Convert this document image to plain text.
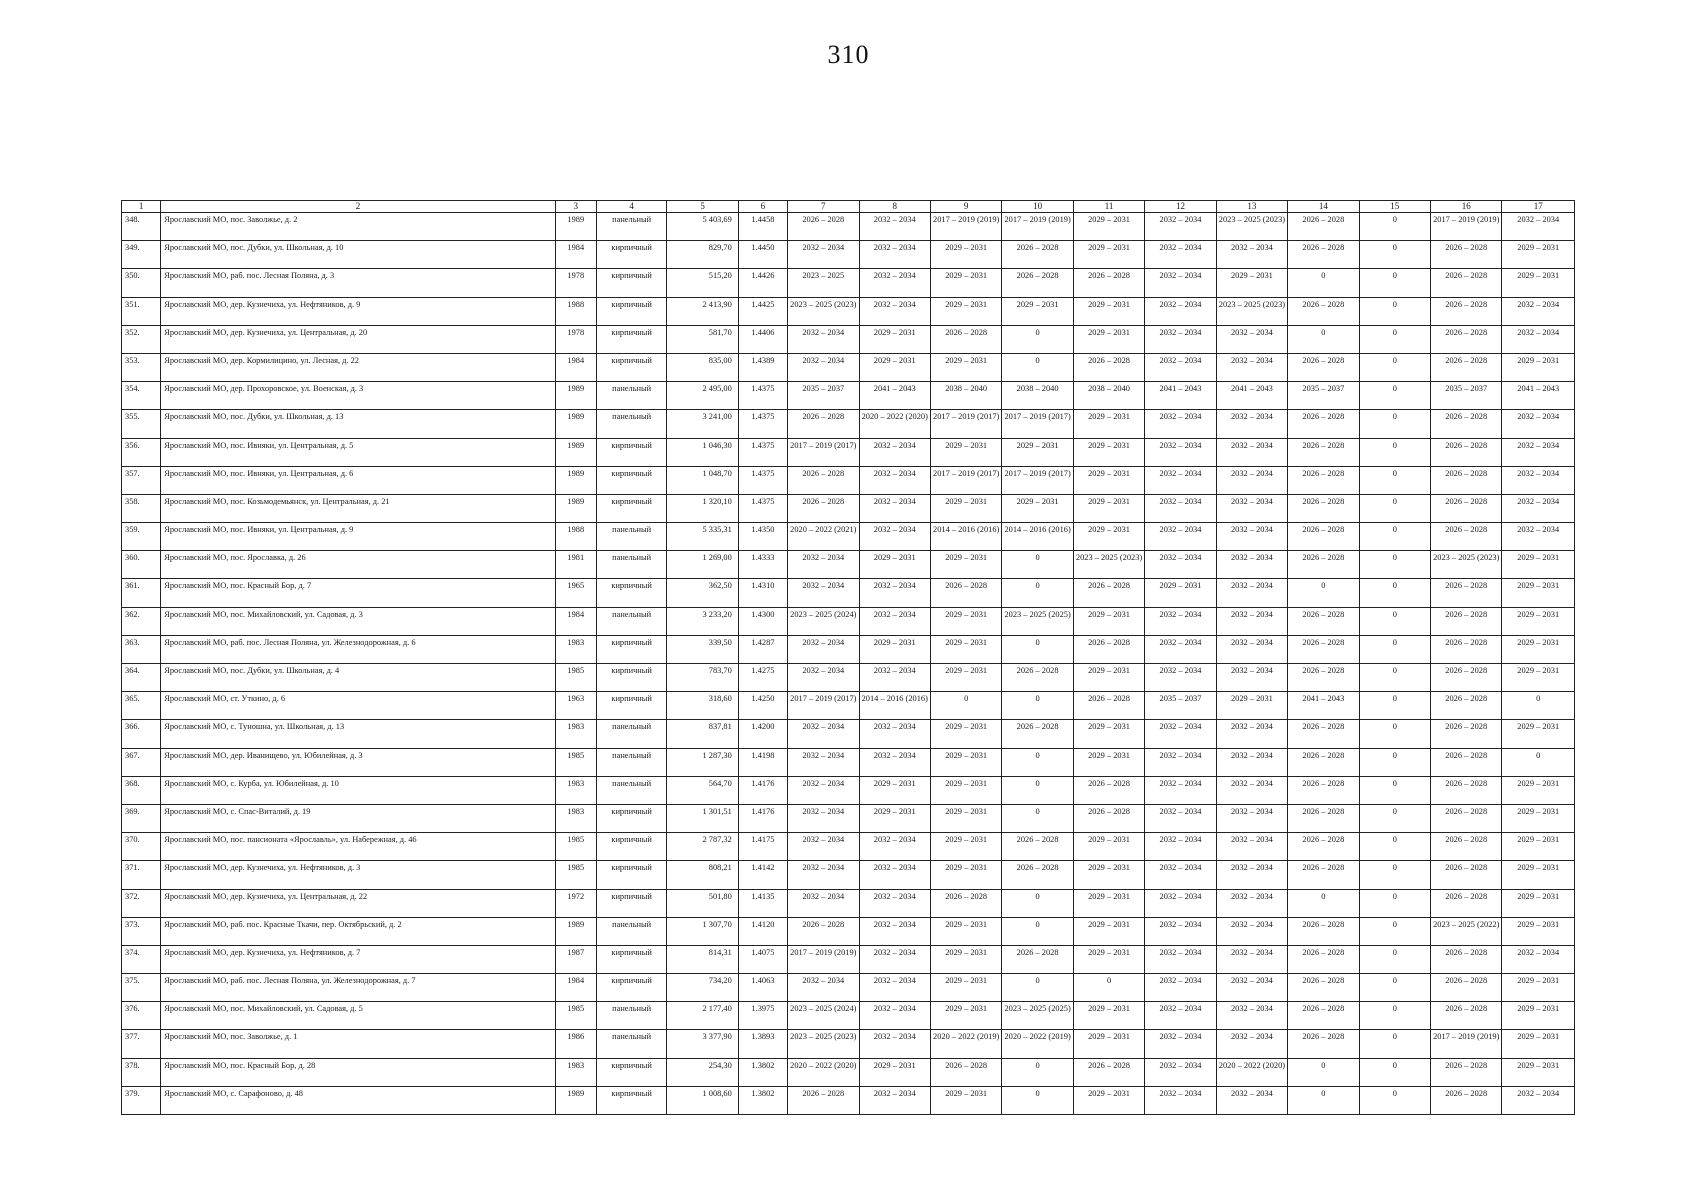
310
1	2	3	4	5	6	7	8	9	10	11	12	13	14	15	16	17
348.	Ярославский МО, пос. Заволжье, д. 2	1989	панельный	5 403,69	1.4458	2026 – 2028	2032 – 2034	2017 – 2019 (2019)	2017 – 2019 (2019)	2029 – 2031	2032 – 2034	2023 – 2025 (2023)	2026 – 2028	0	2017 – 2019 (2019)	2032 – 2034
349.	Ярославский МО, пос. Дубки, ул. Школьная, д. 10	1984	кирпичный	829,70	1.4450	2032 – 2034	2032 – 2034	2029 – 2031	2026 – 2028	2029 – 2031	2032 – 2034	2032 – 2034	2026 – 2028	0	2026 – 2028	2029 – 2031
350.	Ярославский МО, раб. пос. Лесная Поляна, д. 3	1978	кирпичный	515,20	1.4426	2023 – 2025	2032 – 2034	2029 – 2031	2026 – 2028	2026 – 2028	2032 – 2034	2029 – 2031	0	0	2026 – 2028	2029 – 2031
351.	Ярославский МО, дер. Кузнечиха, ул. Нефтяников, д. 9	1988	кирпичный	2 413,90	1.4425	2023 – 2025 (2023)	2032 – 2034	2029 – 2031	2029 – 2031	2029 – 2031	2032 – 2034	2023 – 2025 (2023)	2026 – 2028	0	2026 – 2028	2032 – 2034
352.	Ярославский МО, дер. Кузнечиха, ул. Центральная, д. 20	1978	кирпичный	581,70	1.4406	2032 – 2034	2029 – 2031	2026 – 2028	0	2029 – 2031	2032 – 2034	2032 – 2034	0	0	2026 – 2028	2032 – 2034
353.	Ярославский МО, дер. Кормилицино, ул. Лесная, д. 22	1984	кирпичный	835,00	1.4389	2032 – 2034	2029 – 2031	2029 – 2031	0	2026 – 2028	2032 – 2034	2032 – 2034	2026 – 2028	0	2026 – 2028	2029 – 2031
354.	Ярославский МО, дер. Прохоровское, ул. Военская, д. 3	1989	панельный	2 495,00	1.4375	2035 – 2037	2041 – 2043	2038 – 2040	2038 – 2040	2038 – 2040	2041 – 2043	2041 – 2043	2035 – 2037	0	2035 – 2037	2041 – 2043
355.	Ярославский МО, пос. Дубки, ул. Школьная, д. 13	1989	панельный	3 241,00	1.4375	2026 – 2028	2020 – 2022 (2020)	2017 – 2019 (2017)	2017 – 2019 (2017)	2029 – 2031	2032 – 2034	2032 – 2034	2026 – 2028	0	2026 – 2028	2032 – 2034
356.	Ярославский МО, пос. Ивняки, ул. Центральная, д. 5	1989	кирпичный	1 046,30	1.4375	2017 – 2019 (2017)	2032 – 2034	2029 – 2031	2029 – 2031	2029 – 2031	2032 – 2034	2032 – 2034	2026 – 2028	0	2026 – 2028	2032 – 2034
357.	Ярославский МО, пос. Ивняки, ул. Центральная, д. 6	1989	кирпичный	1 048,70	1.4375	2026 – 2028	2032 – 2034	2017 – 2019 (2017)	2017 – 2019 (2017)	2029 – 2031	2032 – 2034	2032 – 2034	2026 – 2028	0	2026 – 2028	2032 – 2034
358.	Ярославский МО, пос. Козьмодемьянск, ул. Центральная, д. 21	1989	кирпичный	1 320,10	1.4375	2026 – 2028	2032 – 2034	2029 – 2031	2029 – 2031	2029 – 2031	2032 – 2034	2032 – 2034	2026 – 2028	0	2026 – 2028	2032 – 2034
359.	Ярославский МО, пос. Ивняки, ул. Центральная, д. 9	1988	панельный	5 335,31	1.4350	2020 – 2022 (2021)	2032 – 2034	2014 – 2016 (2016)	2014 – 2016 (2016)	2029 – 2031	2032 – 2034	2032 – 2034	2026 – 2028	0	2026 – 2028	2032 – 2034
360.	Ярославский МО, пос. Ярославка, д. 26	1981	панельный	1 269,00	1.4333	2032 – 2034	2029 – 2031	2029 – 2031	0	2023 – 2025 (2023)	2032 – 2034	2032 – 2034	2026 – 2028	0	2023 – 2025 (2023)	2029 – 2031
361.	Ярославский МО, пос. Красный Бор, д. 7	1965	кирпичный	362,50	1.4310	2032 – 2034	2032 – 2034	2026 – 2028	0	2026 – 2028	2029 – 2031	2032 – 2034	0	0	2026 – 2028	2029 – 2031
362.	Ярославский МО, пос. Михайловский, ул. Садовая, д. 3	1984	панельный	3 233,20	1.4300	2023 – 2025 (2024)	2032 – 2034	2029 – 2031	2023 – 2025 (2025)	2029 – 2031	2032 – 2034	2032 – 2034	2026 – 2028	0	2026 – 2028	2029 – 2031
363.	Ярославский МО, раб. пос. Лесная Поляна, ул. Железнодорожная, д. 6	1983	кирпичный	339,50	1.4287	2032 – 2034	2029 – 2031	2029 – 2031	0	2026 – 2028	2032 – 2034	2032 – 2034	2026 – 2028	0	2026 – 2028	2029 – 2031
364.	Ярославский МО, пос. Дубки, ул. Школьная, д. 4	1985	кирпичный	783,70	1.4275	2032 – 2034	2032 – 2034	2029 – 2031	2026 – 2028	2029 – 2031	2032 – 2034	2032 – 2034	2026 – 2028	0	2026 – 2028	2029 – 2031
365.	Ярославский МО, ст. Уткино, д. 6	1963	кирпичный	318,60	1.4250	2017 – 2019 (2017)	2014 – 2016 (2016)	0	0	2026 – 2028	2035 – 2037	2029 – 2031	2041 – 2043	0	2026 – 2028	0
366.	Ярославский МО, с. Туношна, ул. Школьная, д. 13	1983	панельный	837,81	1.4200	2032 – 2034	2032 – 2034	2029 – 2031	2026 – 2028	2029 – 2031	2032 – 2034	2032 – 2034	2026 – 2028	0	2026 – 2028	2029 – 2031
367.	Ярославский МО, дер. Иванищево, ул. Юбилейная, д. 3	1985	панельный	1 287,30	1.4198	2032 – 2034	2032 – 2034	2029 – 2031	0	2029 – 2031	2032 – 2034	2032 – 2034	2026 – 2028	0	2026 – 2028	0
368.	Ярославский МО, с. Курба, ул. Юбилейная, д. 10	1983	панельный	564,70	1.4176	2032 – 2034	2029 – 2031	2029 – 2031	0	2026 – 2028	2032 – 2034	2032 – 2034	2026 – 2028	0	2026 – 2028	2029 – 2031
369.	Ярославский МО, с. Спас-Виталий, д. 19	1983	кирпичный	1 301,51	1.4176	2032 – 2034	2029 – 2031	2029 – 2031	0	2026 – 2028	2032 – 2034	2032 – 2034	2026 – 2028	0	2026 – 2028	2029 – 2031
370.	Ярославский МО, пос. пансионата «Ярославль», ул. Набережная, д. 46	1985	кирпичный	2 787,32	1.4175	2032 – 2034	2032 – 2034	2029 – 2031	2026 – 2028	2029 – 2031	2032 – 2034	2032 – 2034	2026 – 2028	0	2026 – 2028	2029 – 2031
371.	Ярославский МО, дер. Кузнечиха, ул. Нефтяников, д. 3	1985	кирпичный	808,21	1.4142	2032 – 2034	2032 – 2034	2029 – 2031	2026 – 2028	2029 – 2031	2032 – 2034	2032 – 2034	2026 – 2028	0	2026 – 2028	2029 – 2031
372.	Ярославский МО, дер. Кузнечиха, ул. Центральная, д. 22	1972	кирпичный	501,80	1.4135	2032 – 2034	2032 – 2034	2026 – 2028	0	2029 – 2031	2032 – 2034	2032 – 2034	0	0	2026 – 2028	2029 – 2031
373.	Ярославский МО, раб. пос. Красные Ткачи, пер. Октябрьский, д. 2	1989	панельный	1 307,70	1.4120	2026 – 2028	2032 – 2034	2029 – 2031	0	2029 – 2031	2032 – 2034	2032 – 2034	2026 – 2028	0	2023 – 2025 (2022)	2029 – 2031
374.	Ярославский МО, дер. Кузнечиха, ул. Нефтяников, д. 7	1987	кирпичный	814,31	1.4075	2017 – 2019 (2019)	2032 – 2034	2029 – 2031	2026 – 2028	2029 – 2031	2032 – 2034	2032 – 2034	2026 – 2028	0	2026 – 2028	2032 – 2034
375.	Ярославский МО, раб. пос. Лесная Поляна, ул. Железнодорожная, д. 7	1984	кирпичный	734,20	1.4063	2032 – 2034	2032 – 2034	2029 – 2031	0	0	2032 – 2034	2032 – 2034	2026 – 2028	0	2026 – 2028	2029 – 2031
376.	Ярославский МО, пос. Михайловский, ул. Садовая, д. 5	1985	панельный	2 177,40	1.3975	2023 – 2025 (2024)	2032 – 2034	2029 – 2031	2023 – 2025 (2025)	2029 – 2031	2032 – 2034	2032 – 2034	2026 – 2028	0	2026 – 2028	2029 – 2031
377.	Ярославский МО, пос. Заволжье, д. 1	1986	панельный	3 377,90	1.3893	2023 – 2025 (2023)	2032 – 2034	2020 – 2022 (2019)	2020 – 2022 (2019)	2029 – 2031	2032 – 2034	2032 – 2034	2026 – 2028	0	2017 – 2019 (2019)	2029 – 2031
378.	Ярославский МО, пос. Красный Бор, д. 28	1983	кирпичный	254,30	1.3802	2020 – 2022 (2020)	2029 – 2031	2026 – 2028	0	2026 – 2028	2032 – 2034	2020 – 2022 (2020)	0	0	2026 – 2028	2029 – 2031
379.	Ярославский МО, с. Сарафоново, д. 48	1989	кирпичный	1 008,60	1.3802	2026 – 2028	2032 – 2034	2029 – 2031	0	2029 – 2031	2032 – 2034	2032 – 2034	0	0	2026 – 2028	2032 – 2034
